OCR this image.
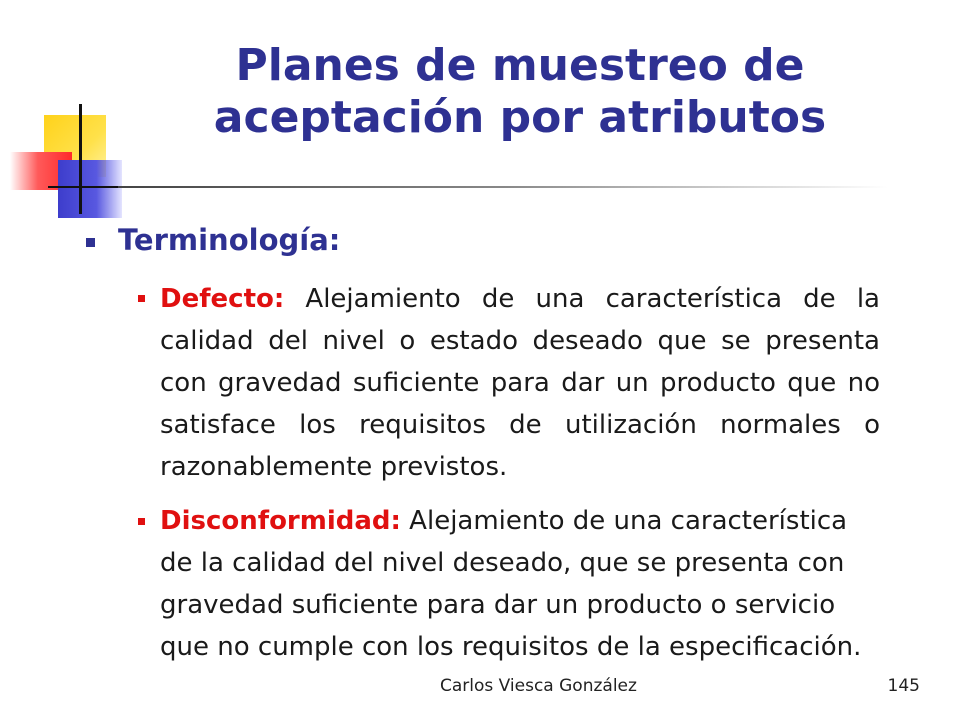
Planes de muestreo de
aceptación por atributos
Terminología:
Defecto: Alejamiento de una característica de la calidad del nivel o estado deseado que se presenta con gravedad suficiente para dar un producto que no satisface los requisitos de utilización normales o razonablemente previstos.
Disconformidad: Alejamiento de una característica de la calidad del nivel deseado, que se presenta con gravedad suficiente para dar un producto o servicio que no cumple con los requisitos de la especificación.
Carlos Viesca González	145
